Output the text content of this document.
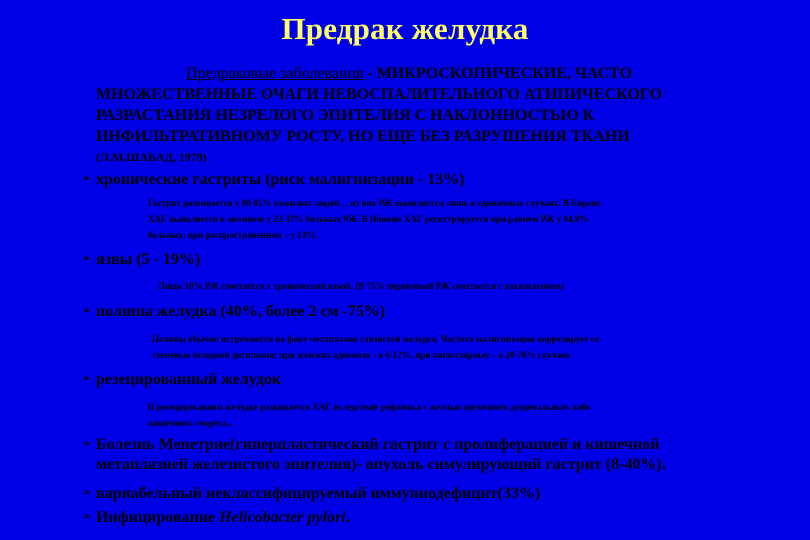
Предрак желудка
Предраковые заболевания - МИКРОСКОПИЧЕСКИЕ, ЧАСТО
МНОЖЕСТВЕННЫЕ ОЧАГИ НЕВОСПАЛИТЕЛЬНОГО АТИПИЧЕСКОГО
РАЗРАСТАНИЯ НЕЗРЕЛОГО ЭПИТЕЛИЯ С НАКЛОННОСТЬЮ К
ИНФИЛЬТРАТИВНОМУ РОСТУ, НО ЕЩЕ БЕЗ РАЗРУШЕНИЯ ТКАНИ
(Л.М.ШАБАД, 1979)
• хронические гастриты (риск малигнизации - 13%)
Гастрит развивается у 80-85% пожилых людей… из них РЖ выявляется лишь в единичных случаях. В Европе
ХАГ выявляется в анамнезе у 22-37% больных РЖ. В Японии ХАГ регистрируется при раннем РЖ у 94,8%
больных, при распространенном – у 13%.
• язвы (5 - 19%)
Лишь 10% РЖ сочетается с хронической язвой. (В 75% первичный РЖ сочетается с изъязвлением)
• полипы желудка (40%, более 2 см -75%)
Полипы обычно встречаются на фоне метаплазии слизистой желудка. Частота малигнизации коррелирует со
степенью исходной дисплазии; при плоских аденомах - в 6-12%, при папиллярных – в 20-76% случаев
• резецированный желудок
В резецированном желудке развивается ХАГ вследствие рефлюкса с желчью щелочного дуоденального либо
кишечного секрета…
• Болезнь Менетрие(гиперпластический гастрит с пролиферацией и кишечной
метаплазией железистого эпителия)- опухоль симулирующий гастрит (8-40%).
• вариабельный неклассифицируемый иммуннодефицит(33%)
• Инфицирование Helicobacter pylori.
